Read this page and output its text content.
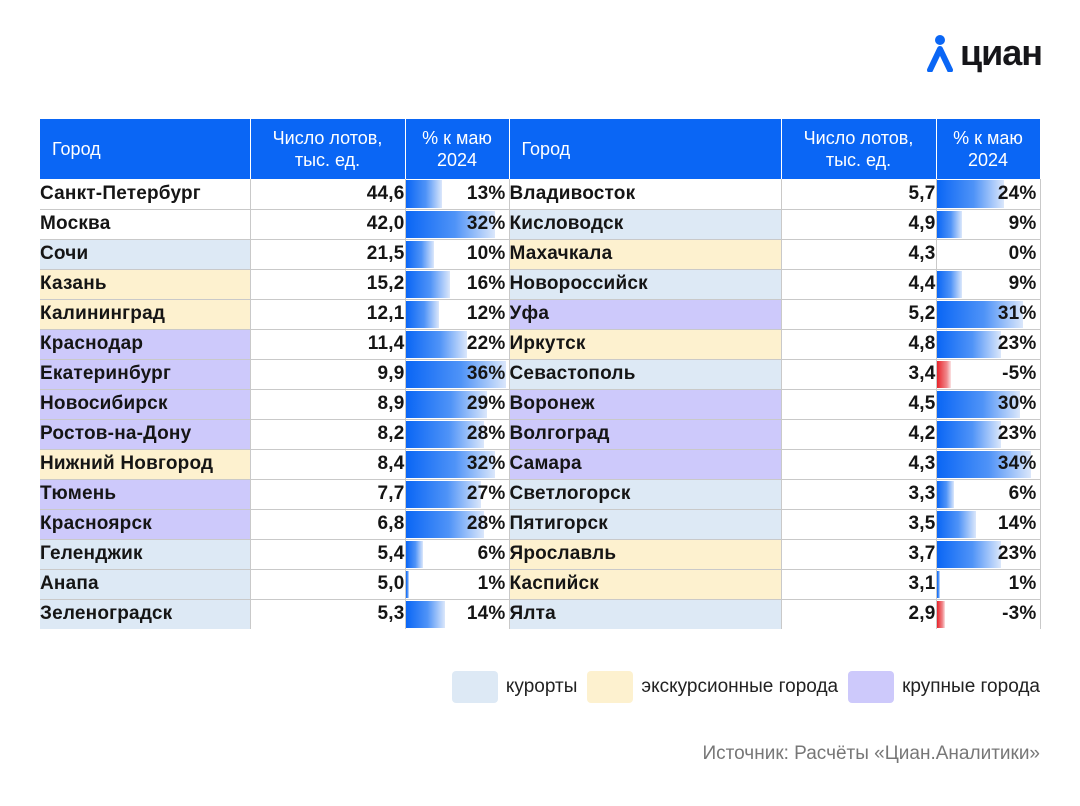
циан
Город	Число лотов, тыс. ед.	% к маю 2024	Город	Число лотов, тыс. ед.	% к маю 2024
Санкт-Петербург	44,6	13%	Владивосток	5,7	24%

Москва	42,0	32%	Кисловодск	4,9	9%

Сочи	21,5	10%	Махачкала	4,3	0%

Казань	15,2	16%	Новороссийск	4,4	9%

Калининград	12,1	12%	Уфа	5,2	31%

Краснодар	11,4	22%	Иркутск	4,8	23%

Екатеринбург	9,9	36%	Севастополь	3,4	-5%

Новосибирск	8,9	29%	Воронеж	4,5	30%

Ростов-на-Дону	8,2	28%	Волгоград	4,2	23%

Нижний Новгород	8,4	32%	Самара	4,3	34%

Тюмень	7,7	27%	Светлогорск	3,3	6%

Красноярск	6,8	28%	Пятигорск	3,5	14%

Геленджик	5,4	6%	Ярославль	3,7	23%

Анапа	5,0	1%	Каспийск	3,1	1%

Зеленоградск	5,3	14%	Ялта	2,9	-3%
курорты	экскурсионные города	крупные города
Источник: Расчёты «Циан.Аналитики»
